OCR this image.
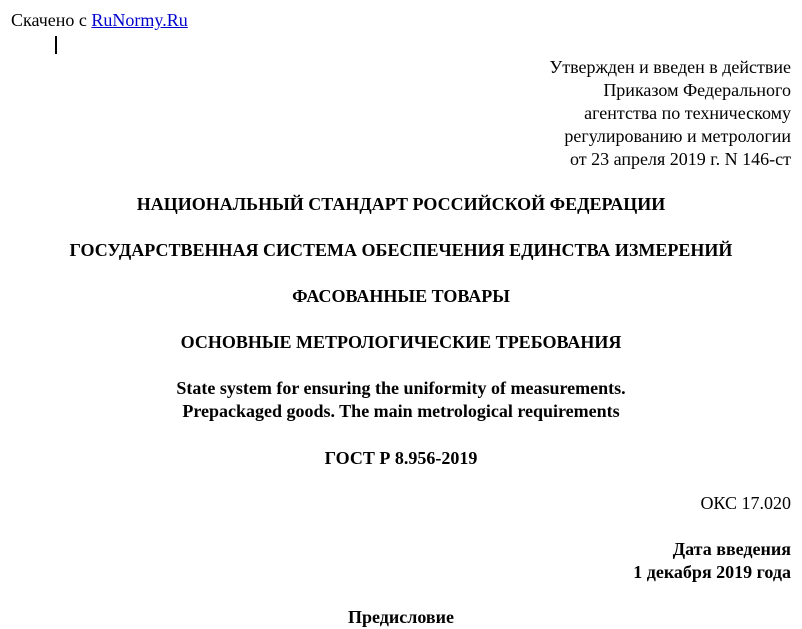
Скачено с RuNormy.Ru
Утвержден и введен в действие
Приказом Федерального
агентства по техническому
регулированию и метрологии
от 23 апреля 2019 г. N 146-ст
НАЦИОНАЛЬНЫЙ СТАНДАРТ РОССИЙСКОЙ ФЕДЕРАЦИИ
ГОСУДАРСТВЕННАЯ СИСТЕМА ОБЕСПЕЧЕНИЯ ЕДИНСТВА ИЗМЕРЕНИЙ
ФАСОВАННЫЕ ТОВАРЫ
ОСНОВНЫЕ МЕТРОЛОГИЧЕСКИЕ ТРЕБОВАНИЯ
State system for ensuring the uniformity of measurements.
Prepackaged goods. The main metrological requirements
ГОСТ Р 8.956-2019
ОКС 17.020
Дата введения
1 декабря 2019 года
Предисловие
